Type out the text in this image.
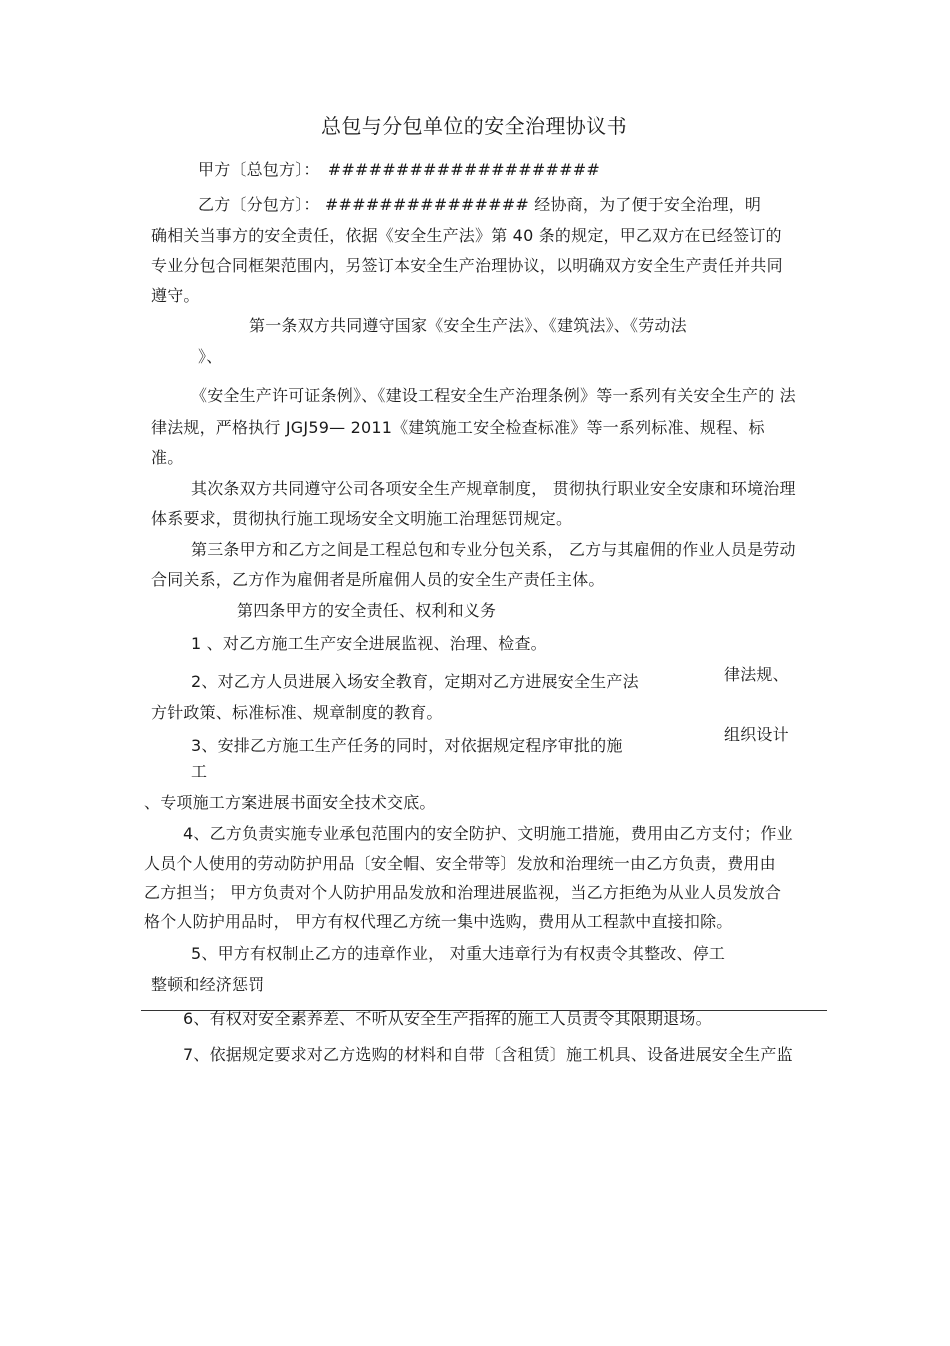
总包与分包单位的安全治理协议书
甲方〔总包方〕：　####################
乙方〔分包方〕： ############### 经协商，为了便于安全治理，明
确相关当事方的安全责任，依据《安全生产法》第 40 条的规定，甲乙双方在已经签订的
专业分包合同框架范围内，另签订本安全生产治理协议，以明确双方安全生产责任并共同
遵守。
第一条双方共同遵守国家《安全生产法》、《建筑法》、《劳动法
》、
《安全生产许可证条例》、《建设工程安全生产治理条例》等一系列有关安全生产的 法
律法规，严格执行 JGJ59— 2011《建筑施工安全检查标准》等一系列标准、规程、标
准。
其次条双方共同遵守公司各项安全生产规章制度， 贯彻执行职业安全安康和环境治理
体系要求，贯彻执行施工现场安全文明施工治理惩罚规定。
第三条甲方和乙方之间是工程总包和专业分包关系， 乙方与其雇佣的作业人员是劳动
合同关系，乙方作为雇佣者是所雇佣人员的安全生产责任主体。
第四条甲方的安全责任、权利和义务
1 、对乙方施工生产安全进展监视、治理、检查。
2、对乙方人员进展入场安全教育，定期对乙方进展安全生产法	律法规、
方针政策、标准标准、规章制度的教育。
3、安排乙方施工生产任务的同时，对依据规定程序审批的施
组织设计
工
、专项施工方案进展书面安全技术交底。
4、乙方负责实施专业承包范围内的安全防护、文明施工措施，费用由乙方支付；作业
人员个人使用的劳动防护用品〔安全帽、安全带等〕发放和治理统一由乙方负责，费用由
乙方担当； 甲方负责对个人防护用品发放和治理进展监视，当乙方拒绝为从业人员发放合
格个人防护用品时， 甲方有权代理乙方统一集中选购，费用从工程款中直接扣除。
5、甲方有权制止乙方的违章作业， 对重大违章行为有权责令其整改、停工
整顿和经济惩罚
6、有权对安全素养差、不听从安全生产指挥的施工人员责令其限期退场。
7、依据规定要求对乙方选购的材料和自带〔含租赁〕施工机具、设备进展安全生产监
